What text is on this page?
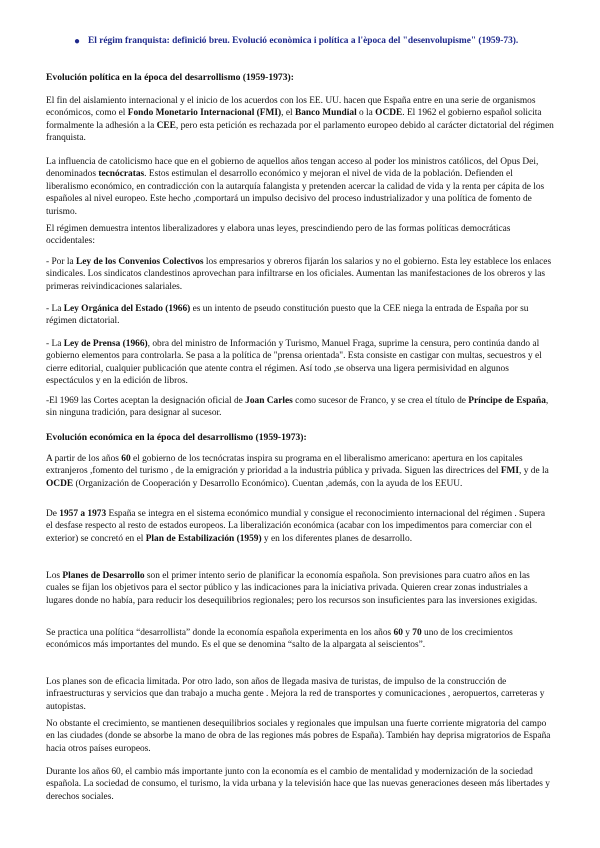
● El régim franquista: definició breu. Evolució econòmica i política a l'època del "desenvolupisme" (1959-73).
Evolución política en la época del desarrollismo (1959-1973):
El fin del aislamiento internacional y el inicio de los acuerdos con los EE. UU. hacen que España entre en una serie de organismos económicos, como el Fondo Monetario Internacional (FMI), el Banco Mundial o la OCDE. El 1962 el gobierno español solicita formalmente la adhesión a la CEE, pero esta petición es rechazada por el parlamento europeo debido al carácter dictatorial del régimen franquista.
La influencia de catolicismo hace que en el gobierno de aquellos años tengan acceso al poder los ministros católicos, del Opus Dei, denominados tecnócratas. Estos estimulan el desarrollo económico y mejoran el nivel de vida de la población. Defienden el liberalismo económico, en contradicción con la autarquía falangista y pretenden acercar la calidad de vida y la renta per cápita de los españoles al nivel europeo. Este hecho ,comportará un impulso decisivo del proceso industrializador y una política de fomento de turismo.
El régimen demuestra intentos liberalizadores y elabora unas leyes, prescindiendo pero de las formas políticas democráticas occidentales:
- Por la Ley de los Convenios Colectivos los empresarios y obreros fijarán los salarios y no el gobierno. Esta ley establece los enlaces sindicales. Los sindicatos clandestinos aprovechan para infiltrarse en los oficiales. Aumentan las manifestaciones de los obreros y las primeras reivindicaciones salariales.
- La Ley Orgánica del Estado (1966) es un intento de pseudo constitución puesto que la CEE niega la entrada de España por su régimen dictatorial.
- La Ley de Prensa (1966), obra del ministro de Información y Turismo, Manuel Fraga, suprime la censura, pero continúa dando al gobierno elementos para controlarla. Se pasa a la política de "prensa orientada". Esta consiste en castigar con multas, secuestros y el cierre editorial, cualquier publicación que atente contra el régimen. Así todo ,se observa una ligera permisividad en algunos espectáculos y en la edición de libros.
-El 1969 las Cortes aceptan la designación oficial de Joan Carles como sucesor de Franco, y se crea el título de Príncipe de España, sin ninguna tradición, para designar al sucesor.
Evolución económica en la época del desarrollismo (1959-1973):
A partir de los años 60 el gobierno de los tecnócratas inspira su programa en el liberalismo americano: apertura en los capitales extranjeros ,fomento del turismo , de la emigración y prioridad a la industria pública y privada. Siguen las directrices del FMI, y de la OCDE (Organización de Cooperación y Desarrollo Económico). Cuentan ,además, con la ayuda de los EEUU.
De 1957 a 1973 España se integra en el sistema económico mundial y consigue el reconocimiento internacional del régimen . Supera el desfase respecto al resto de estados europeos. La liberalización económica (acabar con los impedimentos para comerciar con el exterior) se concretó en el Plan de Estabilización (1959) y en los diferentes planes de desarrollo.
Los Planes de Desarrollo son el primer intento serio de planificar la economía española. Son previsiones para cuatro años en las cuales se fijan los objetivos para el sector público y las indicaciones para la iniciativa privada. Quieren crear zonas industriales a lugares donde no había, para reducir los desequilibrios regionales; pero los recursos son insuficientes para las inversiones exigidas.
Se practica una política “desarrollista” donde la economía española experimenta en los años 60 y 70 uno de los crecimientos económicos más importantes del mundo. Es el que se denomina “salto de la alpargata al seiscientos”.
Los planes son de eficacia limitada. Por otro lado, son años de llegada masiva de turistas, de impulso de la construcción de infraestructuras y servicios que dan trabajo a mucha gente . Mejora la red de transportes y comunicaciones , aeropuertos, carreteras y autopistas.
No obstante el crecimiento, se mantienen desequilibrios sociales y regionales que impulsan una fuerte corriente migratoria del campo en las ciudades (donde se absorbe la mano de obra de las regiones más pobres de España). También hay deprisa migratorios de España hacia otros países europeos.
Durante los años 60, el cambio más importante junto con la economía es el cambio de mentalidad y modernización de la sociedad española. La sociedad de consumo, el turismo, la vida urbana y la televisión hace que las nuevas generaciones deseen más libertades y derechos sociales.
